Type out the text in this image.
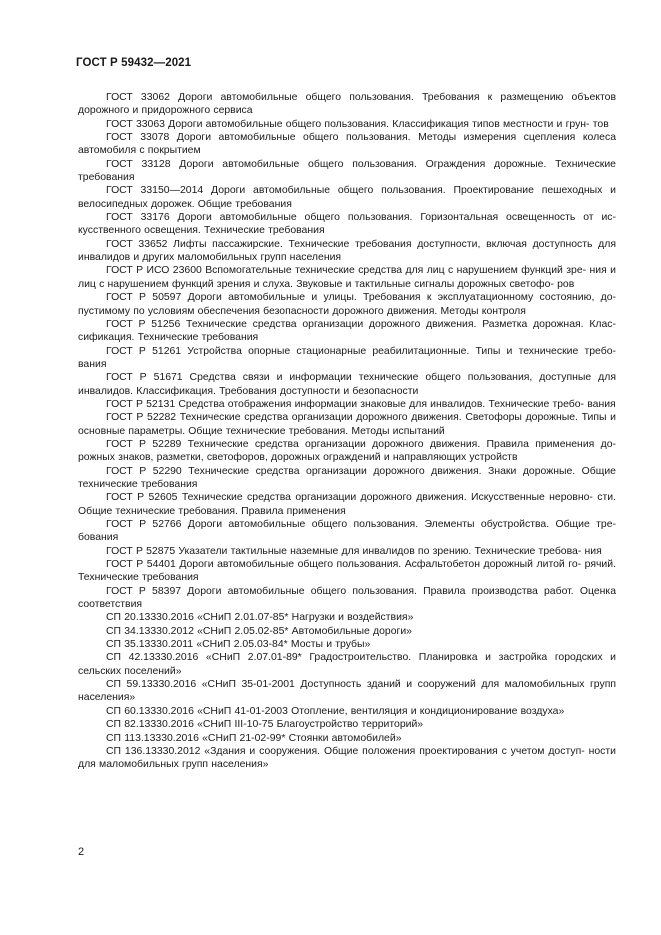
ГОСТ Р 59432—2021

ГОСТ 33062 Дороги автомобильные общего пользования. Требования к размещению объектов дорожного и придорожного сервиса

ГОСТ 33063 Дороги автомобильные общего пользования. Классификация типов местности и грун- тов

ГОСТ 33078 Дороги автомобильные общего пользования. Методы измерения сцепления колеса автомобиля с покрытием

ГОСТ 33128 Дороги автомобильные общего пользования. Ограждения дорожные. Технические требования

ГОСТ 33150—2014 Дороги автомобильные общего пользования. Проектирование пешеходных и велосипедных дорожек. Общие требования

ГОСТ 33176 Дороги автомобильные общего пользования. Горизонтальная освещенность от ис- кусственного освещения. Технические требования

ГОСТ 33652 Лифты пассажирские. Технические требования доступности, включая доступность для инвалидов и других маломобильных групп населения

ГОСТ Р ИСО 23600 Вспомогательные технические средства для лиц с нарушением функций зре- ния и лиц с нарушением функций зрения и слуха. Звуковые и тактильные сигналы дорожных светофо- ров

ГОСТ Р 50597 Дороги автомобильные и улицы. Требования к эксплуатационному состоянию, до- пустимому по условиям обеспечения безопасности дорожного движения. Методы контроля

ГОСТ Р 51256 Технические средства организации дорожного движения. Разметка дорожная. Клас- сификация. Технические требования

ГОСТ Р 51261 Устройства опорные стационарные реабилитационные. Типы и технические требо- вания

ГОСТ Р 51671 Средства связи и информации технические общего пользования, доступные для инвалидов. Классификация. Требования доступности и безопасности

ГОСТ Р 52131 Средства отображения информации знаковые для инвалидов. Технические требо- вания

ГОСТ Р 52282 Технические средства организации дорожного движения. Светофоры дорожные. Типы и основные параметры. Общие технические требования. Методы испытаний

ГОСТ Р 52289 Технические средства организации дорожного движения. Правила применения до- рожных знаков, разметки, светофоров, дорожных ограждений и направляющих устройств

ГОСТ Р 52290 Технические средства организации дорожного движения. Знаки дорожные. Общие технические требования

ГОСТ Р 52605 Технические средства организации дорожного движения. Искусственные неровно- сти. Общие технические требования. Правила применения

ГОСТ Р 52766 Дороги автомобильные общего пользования. Элементы обустройства. Общие тре- бования

ГОСТ Р 52875 Указатели тактильные наземные для инвалидов по зрению. Технические требова- ния

ГОСТ Р 54401 Дороги автомобильные общего пользования. Асфальтобетон дорожный литой го- рячий. Технические требования

ГОСТ Р 58397 Дороги автомобильные общего пользования. Правила производства работ. Оценка соответствия

СП 20.13330.2016 «СНиП 2.01.07-85* Нагрузки и воздействия»

СП 34.13330.2012 «СНиП 2.05.02-85* Автомобильные дороги»

СП 35.13330.2011 «СНиП 2.05.03-84* Мосты и трубы»

СП 42.13330.2016 «СНиП 2.07.01-89* Градостроительство. Планировка и застройка городских и сельских поселений»

СП 59.13330.2016 «СНиП 35-01-2001 Доступность зданий и сооружений для маломобильных групп населения»

СП 60.13330.2016 «СНиП 41-01-2003 Отопление, вентиляция и кондиционирование воздуха»

СП 82.13330.2016 «СНиП III-10-75 Благоустройство территорий»

СП 113.13330.2016 «СНиП 21-02-99* Стоянки автомобилей»

СП 136.13330.2012 «Здания и сооружения. Общие положения проектирования с учетом доступ- ности для маломобильных групп населения»

2
